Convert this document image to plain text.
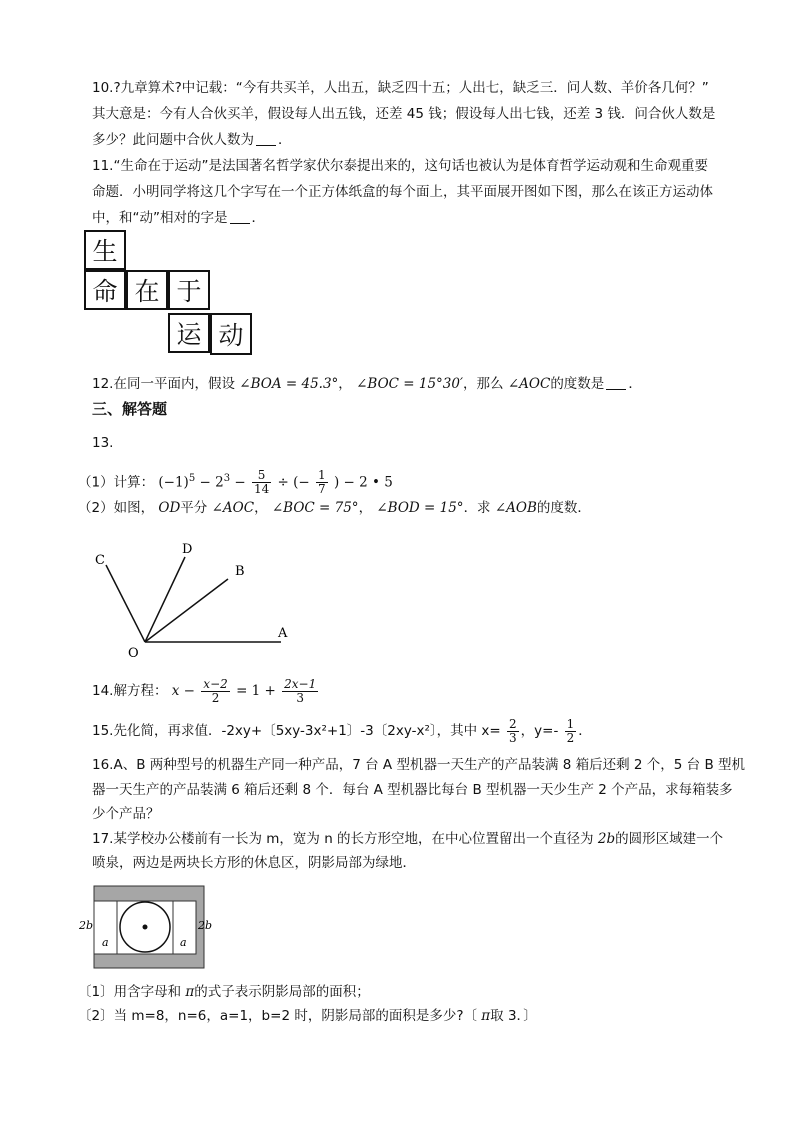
10.?九章算术?中记载：“今有共买羊，人出五，缺乏四十五；人出七，缺乏三．问人数、羊价各几何？”
其大意是：今有人合伙买羊，假设每人出五钱，还差 45 钱；假设每人出七钱，还差 3 钱．问合伙人数是
多少？此问题中合伙人数为 ．
11.“生命在于运动”是法国著名哲学家伏尔泰提出来的，这句话也被认为是体育哲学运动观和生命观重要
命题．小明同学将这几个字写在一个正方体纸盒的每个面上，其平面展开图如下图，那么在该正方运动体
中，和“动”相对的字是 ．
生
命 在 于
运 动
12.在同一平面内，假设 ∠BOA = 45.3°， ∠BOC = 15°30′，那么 ∠AOC的度数是 ．
三、解答题
13.
（1）计算： $(-1)^5 - 2^3 - \frac{5}{14}$ ÷ (− $\frac{1}{7}$ ) − 2 • 5
（2）如图， OD平分 ∠AOC， ∠BOC = 75°， ∠BOD = 15°．求 ∠AOB的度数．
C
D
B
O
A
14.解方程： $x - \frac{x-2}{2} = 1 + \frac{2x-1}{3}$
15.先化简，再求值．-2xy+〔5xy-3x²+1〕-3〔2xy-x²〕，其中 $x= \frac{2}{3}$ ，$y=- \frac{1}{2}$ ．
16.A、B 两种型号的机器生产同一种产品，7 台 A 型机器一天生产的产品装满 8 箱后还剩 2 个，5 台 B 型机
器一天生产的产品装满 6 箱后还剩 8 个．每台 A 型机器比每台 B 型机器一天少生产 2 个产品，求每箱装多
少个产品？
17.某学校办公楼前有一长为 m，宽为 n 的长方形空地，在中心位置留出一个直径为 2b的圆形区域建一个
喷泉，两边是两块长方形的休息区，阴影局部为绿地．
2b	2b
a	a
〔1〕用含字母和 π的式子表示阴影局部的面积；
〔2〕当 m=8，n=6，a=1，b=2 时，阴影局部的面积是多少?〔 π取 3．〕
